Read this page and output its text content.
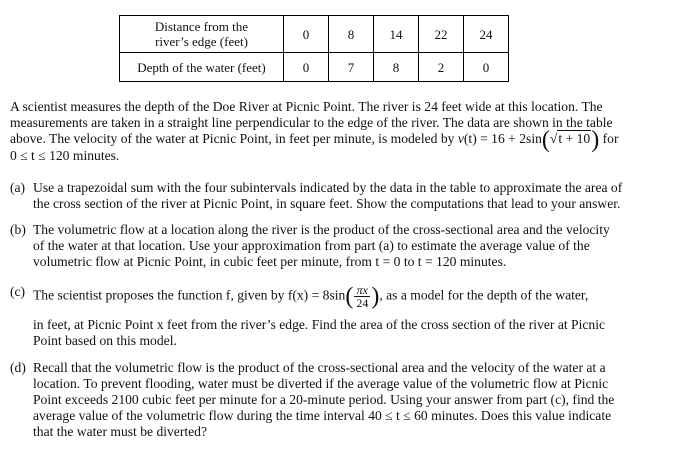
Distance from the
river’s edge (feet)	0	8	14	22	24
Depth of the water (feet)	0	7	8	2	0
A scientist measures the depth of the Doe River at Picnic Point. The river is 24 feet wide at this location. The
measurements are taken in a straight line perpendicular to the edge of the river. The data are shown in the table
above. The velocity of the water at Picnic Point, in feet per minute, is modeled by v(t) = 16 + 2sin(√t + 10) for
0 ≤ t ≤ 120 minutes.
(a) Use a trapezoidal sum with the four subintervals indicated by the data in the table to approximate the area of
the cross section of the river at Picnic Point, in square feet. Show the computations that lead to your answer.
(b) The volumetric flow at a location along the river is the product of the cross-sectional area and the velocity
of the water at that location. Use your approximation from part (a) to estimate the average value of the
volumetric flow at Picnic Point, in cubic feet per minute, from t = 0 to t = 120 minutes.
(c) The scientist proposes the function f, given by $f(x) = 8\sin( \frac{\pi x}{24}$ ), as a model for the depth of the water,
in feet, at Picnic Point x feet from the river’s edge. Find the area of the cross section of the river at Picnic
Point based on this model.
(d) Recall that the volumetric flow is the product of the cross-sectional area and the velocity of the water at a
location. To prevent flooding, water must be diverted if the average value of the volumetric flow at Picnic
Point exceeds 2100 cubic feet per minute for a 20-minute period. Using your answer from part (c), find the
average value of the volumetric flow during the time interval 40 ≤ t ≤ 60 minutes. Does this value indicate
that the water must be diverted?
